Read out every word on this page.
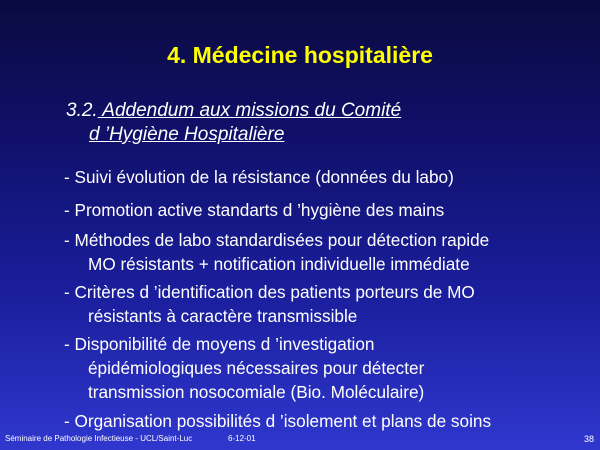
4. Médecine hospitalière
3.2. Addendum aux missions du Comité
d ’Hygiène Hospitalière
- Suivi évolution de la résistance (données du labo)
- Promotion active standarts d ’hygiène des mains
- Méthodes de labo standardisées pour détection rapide
MO résistants + notification individuelle immédiate
- Critères d ’identification des patients porteurs de MO
résistants à caractère transmissible
- Disponibilité de moyens d ’investigation
épidémiologiques nécessaires pour détecter
transmission nosocomiale (Bio. Moléculaire)
- Organisation possibilités d ’isolement et plans de soins
Séminaire de Pathologie Infectieuse - UCL/Saint-Luc	6-12-01	38
